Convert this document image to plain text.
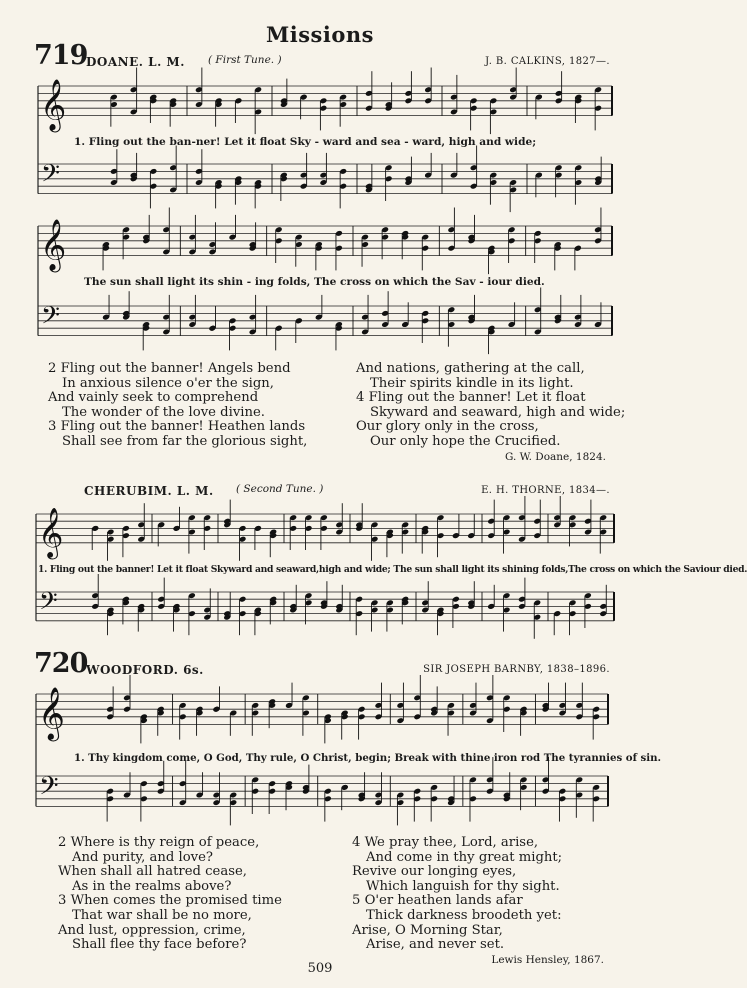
Missions
719
DOANE. L. M. ( First Tune. )	J. B. CALKINS, 1827—.
𝄞
𝄢
𝄞
𝄢
𝄞
𝄢
𝄞
𝄢
1. Fling out the ban-ner! Let it float Sky - ward and sea - ward, high and wide;
The sun shall light its shin - ing folds, The cross on which the Sav - iour died.
2 Fling out the banner! Angels bend
In anxious silence o'er the sign,
And vainly seek to comprehend
The wonder of the love divine.
3 Fling out the banner! Heathen lands
Shall see from far the glorious sight,
And nations, gathering at the call,
Their spirits kindle in its light.
4 Fling out the banner! Let it float
Skyward and seaward, high and wide;
Our glory only in the cross,
Our only hope the Crucified.
G. W. Doane, 1824.
CHERUBIM. L. M. ( Second Tune. )	E. H. THORNE, 1834—.
1. Fling out the banner! Let it float Skyward and seaward,high and wide; The sun shall light its shining folds,The cross on which the Saviour died.
720
WOODFORD. 6s.	SIR JOSEPH BARNBY, 1838–1896.
1. Thy kingdom come, O God, Thy rule, O Christ, begin; Break with thine iron rod The tyrannies of sin.
2 Where is thy reign of peace,
And purity, and love?
When shall all hatred cease,
As in the realms above?
3 When comes the promised time
That war shall be no more,
And lust, oppression, crime,
Shall flee thy face before?
4 We pray thee, Lord, arise,
And come in thy great might;
Revive our longing eyes,
Which languish for thy sight.
5 O'er heathen lands afar
Thick darkness broodeth yet:
Arise, O Morning Star,
Arise, and never set.
Lewis Hensley, 1867.
509
